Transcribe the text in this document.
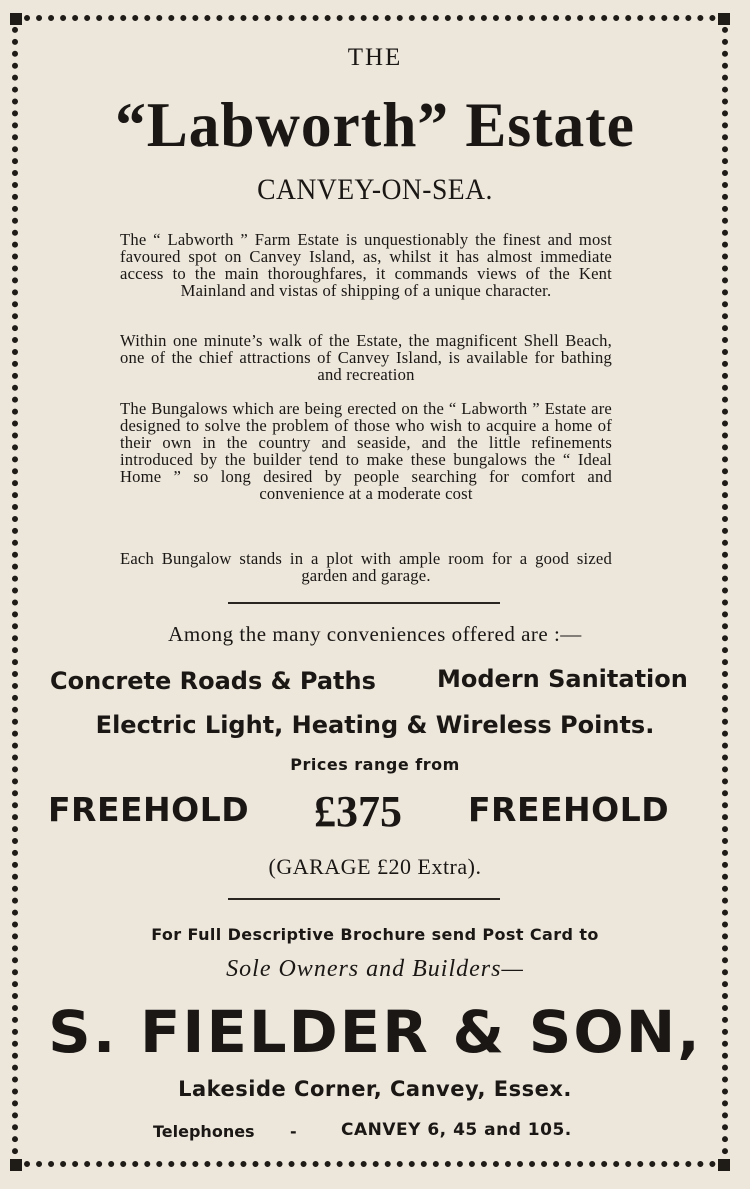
THE
“Labworth” Estate
CANVEY-ON-SEA.
The “ Labworth ” Farm Estate is unquestionably the finest and most favoured spot on Canvey Island, as, whilst it has almost immediate access to the main thoroughfares, it commands views of the Kent Mainland and vistas of shipping of a unique character.
Within one minute’s walk of the Estate, the magnificent Shell Beach, one of the chief attractions of Canvey Island, is available for bathing and recreation
The Bungalows which are being erected on the “ Labworth ” Estate are designed to solve the problem of those who wish to acquire a home of their own in the country and seaside, and the little refinements introduced by the builder tend to make these bungalows the “ Ideal Home ” so long desired by people searching for comfort and convenience at a moderate cost
Each Bungalow stands in a plot with ample room for a good sized garden and garage.
Among the many conveniences offered are :—
Concrete Roads & Paths	Modern Sanitation
Electric Light, Heating & Wireless Points.
Prices range from
FREEHOLD £375 FREEHOLD
(GARAGE £20 Extra).
For Full Descriptive Brochure send Post Card to
Sole Owners and Builders—
S. FIELDER & SON,
Lakeside Corner, Canvey, Essex.
Telephones -	CANVEY 6, 45 and 105.
